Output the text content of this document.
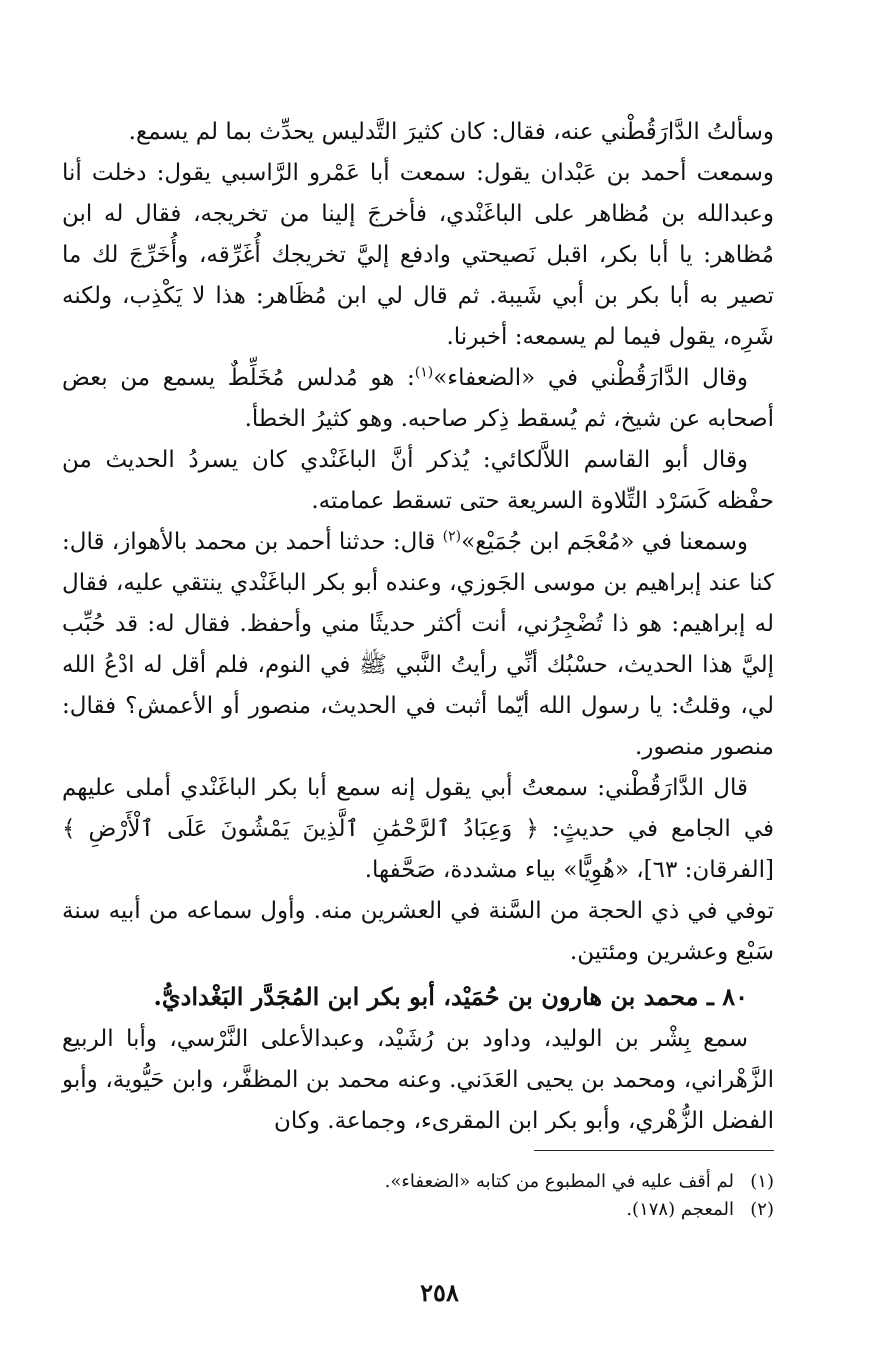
وسألتُ الدَّارَقُطْني عنه، فقال: كان كثيرَ التَّدليس يحدِّث بما لم يسمع.

وسمعت أحمد بن عَبْدان يقول: سمعت أبا عَمْرو الرَّاسبي يقول: دخلت أنا وعبدالله بن مُظاهر على الباغَنْدي، فأخرجَ إلينا من تخريجه، فقال له ابن مُظاهر: يا أبا بكر، اقبل نَصيحتي وادفع إليَّ تخريجك أُغَرِّقه، وأُخَرِّجَ لك ما تصير به أبا بكر بن أبي شَيبة. ثم قال لي ابن مُظَاهر: هذا لا يَكْذِب، ولكنه شَرِه، يقول فيما لم يسمعه: أخبرنا.

وقال الدَّارَقُطْني في «الضعفاء»$^{(١)}$: هو مُدلس مُخَلِّطٌ يسمع من بعض أصحابه عن شيخ، ثم يُسقط ذِكر صاحبه. وهو كثيرُ الخطأ.

وقال أبو القاسم اللاَّلكائي: يُذكر أنَّ الباغَنْدي كان يسردُ الحديث من حفْظه كَسَرْد التِّلاوة السريعة حتى تسقط عمامته.

وسمعنا في «مُعْجَم ابن جُمَيْع»$^{(٢)}$ قال: حدثنا أحمد بن محمد بالأهواز، قال: كنا عند إبراهيم بن موسى الجَوزي، وعنده أبو بكر الباغَنْدي ينتقي عليه، فقال له إبراهيم: هو ذا تُضْجِرُني، أنت أكثر حديثًا مني وأحفظ. فقال له: قد حُبِّب إليَّ هذا الحديث، حسْبُك أنِّي رأيتُ النَّبي ﷺ في النوم، فلم أقل له ادْعُ الله لي، وقلتُ: يا رسول الله أيّما أثبت في الحديث، منصور أو الأعمش؟ فقال: منصور منصور.

قال الدَّارَقُطْني: سمعتُ أبي يقول إنه سمع أبا بكر الباغَنْدي أملى عليهم في الجامع في حديثٍ: ﴿ وَعِبَادُ ٱلرَّحْمَٰنِ ٱلَّذِينَ يَمْشُونَ عَلَى ٱلْأَرْضِ ﴾ [الفرقان: ٦٣]، «هُوِيًّا» بياء مشددة، صَحَّفها.

توفي في ذي الحجة من السَّنة في العشرين منه. وأول سماعه من أبيه سنة سَبْع وعشرين ومئتين.

٨٠ ـ محمد بن هارون بن حُمَيْد، أبو بكر ابن المُجَدَّر البَغْداديُّ.

سمع بِشْر بن الوليد، وداود بن رُشَيْد، وعبدالأعلى النَّرْسي، وأبا الربيع الزَّهْراني، ومحمد بن يحيى العَدَني. وعنه محمد بن المظفَّر، وابن حَيُّوية، وأبو الفضل الزُّهْري، وأبو بكر ابن المقرىء، وجماعة. وكان

(١)لم أقف عليه في المطبوع من كتابه «الضعفاء».
(٢)المعجم (١٧٨).
٢٥٨
